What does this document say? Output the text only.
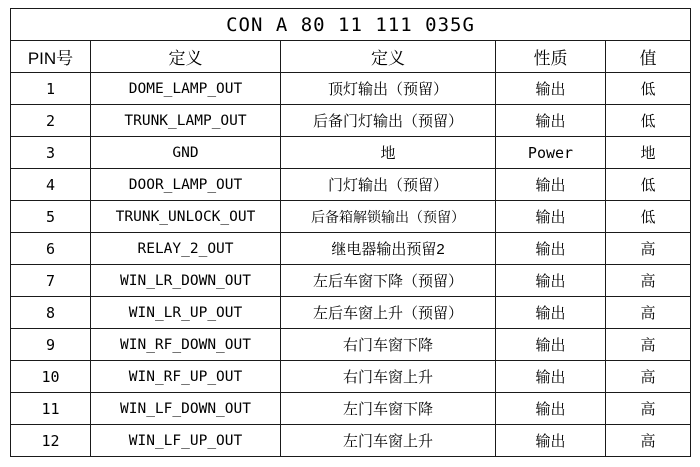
CON A 80 11 111 035G				
PIN号	定义	定义	性质	值
1	DOME_LAMP_OUT	顶灯输出（预留）	输出	低
2	TRUNK_LAMP_OUT	后备门灯输出（预留）	输出	低
3	GND	地	Power	地
4	DOOR_LAMP_OUT	门灯输出（预留）	输出	低
5	TRUNK_UNLOCK_OUT	后备箱解锁输出（预留）	输出	低
6	RELAY_2_OUT	继电器输出预留2	输出	高
7	WIN_LR_DOWN_OUT	左后车窗下降（预留）	输出	高
8	WIN_LR_UP_OUT	左后车窗上升（预留）	输出	高
9	WIN_RF_DOWN_OUT	右门车窗下降	输出	高
10	WIN_RF_UP_OUT	右门车窗上升	输出	高
11	WIN_LF_DOWN_OUT	左门车窗下降	输出	高
12	WIN_LF_UP_OUT	左门车窗上升	输出	高
